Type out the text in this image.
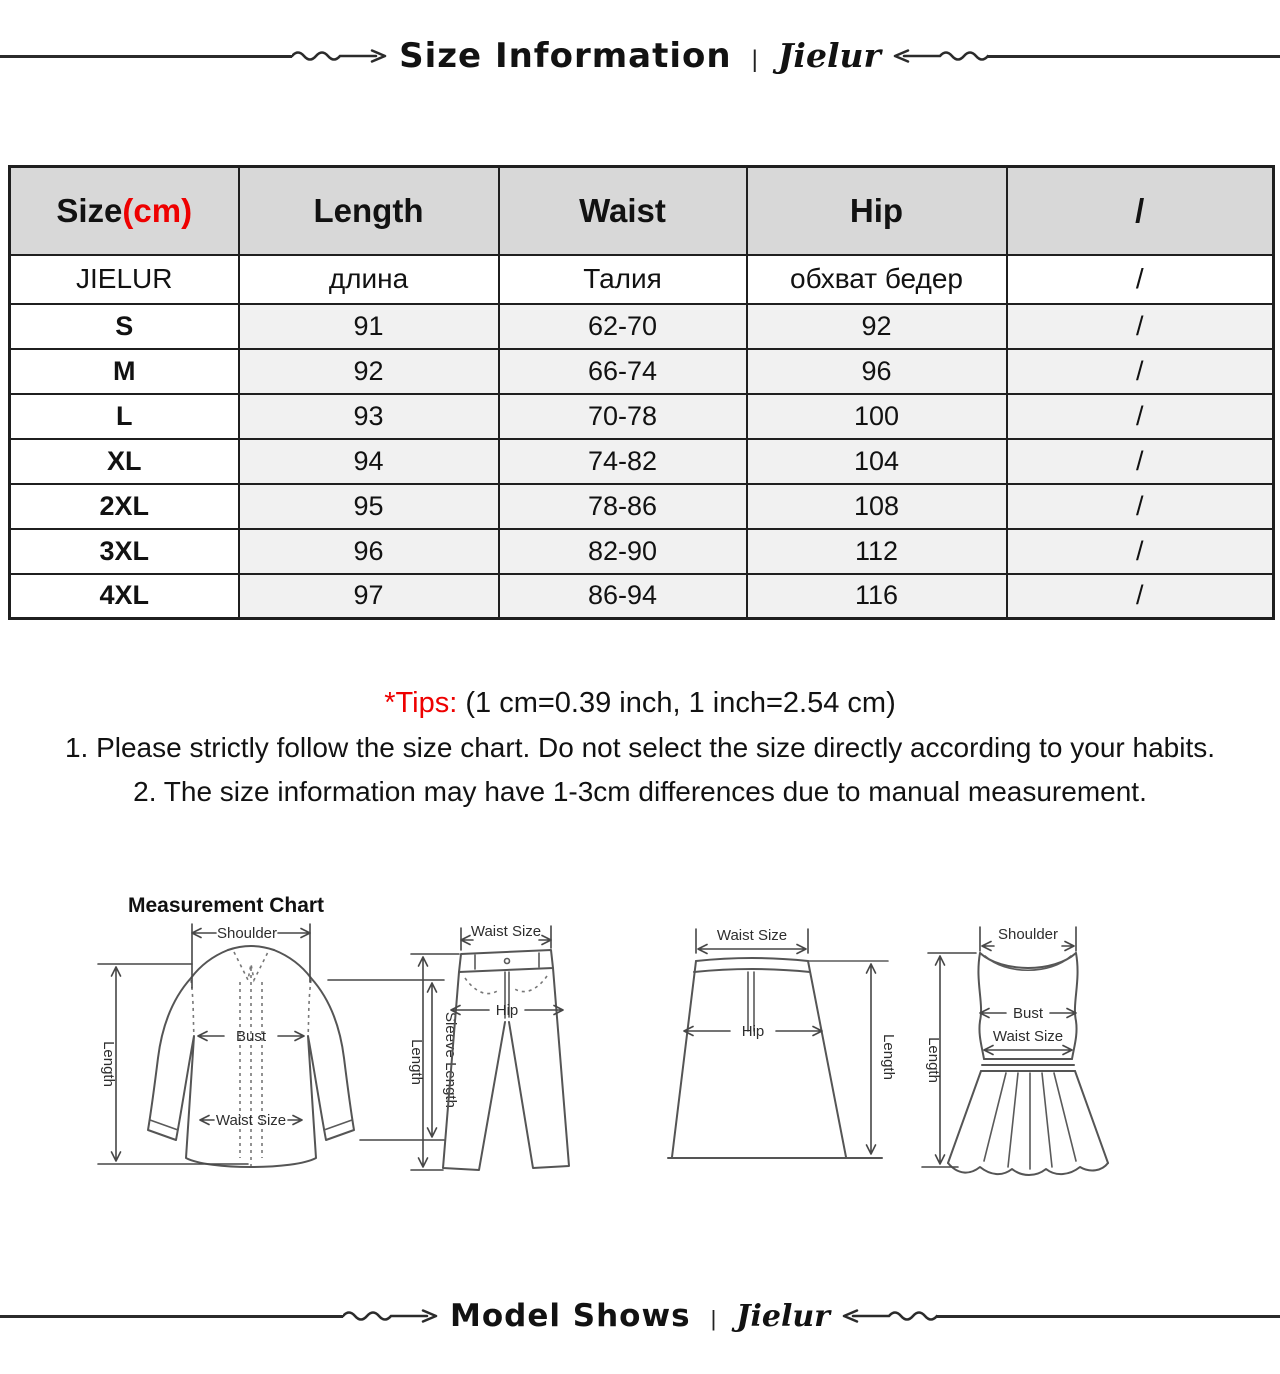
Size Information | Jielur
Size(cm)	Length	Waist	Hip	/
JIELUR	длина	Талия	обхват бедер	/
S	91	62-70	92	/
M	92	66-74	96	/
L	93	70-78	100	/
XL	94	74-82	104	/
2XL	95	78-86	108	/
3XL	96	82-90	112	/
4XL	97	86-94	116	/
*Tips: (1 cm=0.39 inch, 1 inch=2.54 cm)
1. Please strictly follow the size chart. Do not select the size directly according to your habits.
2. The size information may have 1-3cm differences due to manual measurement.
Measurement Chart
Shoulder
Length
Bust
Waist Size
Sleeve Length
Waist Size
Hip
Length
Waist Size
Hip
Length
Shoulder
Bust
Waist Size
Length
Model Shows | Jielur
